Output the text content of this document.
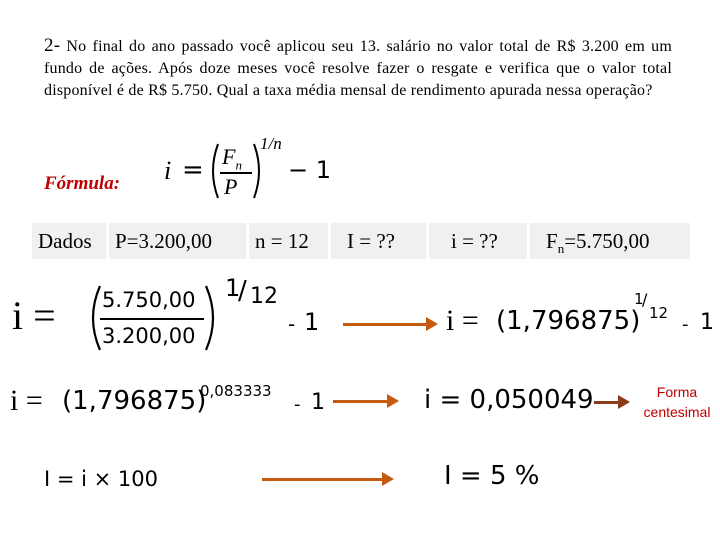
2- No final do ano passado você aplicou seu 13. salário no valor total de R$ 3.200 em um fundo de ações. Após doze meses você resolve fazer o resgate e verifica que o valor total disponível é de R$ 5.750. Qual a taxa média mensal de rendimento apurada nessa operação?
Fórmula: $i = F_n$
P
1/n
− 1
Dados	P=3.200,00	n = 12	I = ??	i = ??	$F_n=5.750,00$
i = 5.750,00
3.200,00
1
/ 12
- 1	i = (1,796875)
1
/
12
- 1
i = (1,796875)
0,083333
- 1	i = 0,050049	Forma
centesimal
I = i × 100	I = 5 %
